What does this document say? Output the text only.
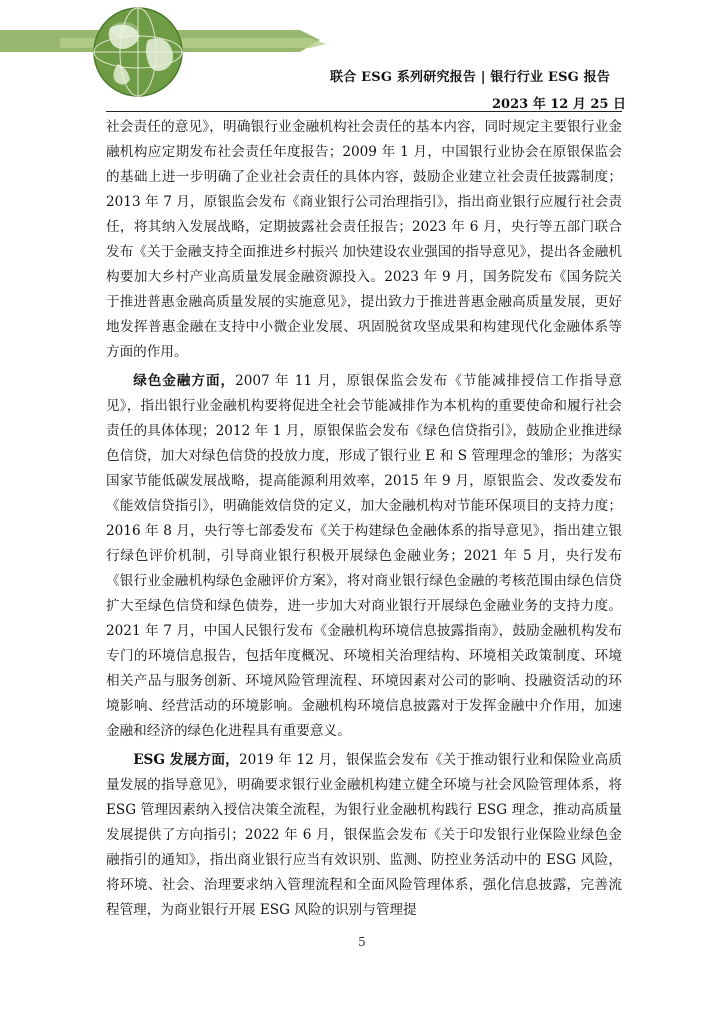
联合 ESG 系列研究报告 | 银行行业 ESG 报告
2023 年 12 月 25 日

社会责任的意见》，明确银行业金融机构社会责任的基本内容，同时规定主要银行业金融机构应定期发布社会责任年度报告；2009 年 1 月，中国银行业协会在原银保监会的基础上进一步明确了企业社会责任的具体内容，鼓励企业建立社会责任披露制度；2013 年 7 月，原银监会发布《商业银行公司治理指引》，指出商业银行应履行社会责任，将其纳入发展战略，定期披露社会责任报告；2023 年 6 月，央行等五部门联合发布《关于金融支持全面推进乡村振兴 加快建设农业强国的指导意见》，提出各金融机构要加大乡村产业高质量发展金融资源投入。2023 年 9 月，国务院发布《国务院关于推进普惠金融高质量发展的实施意见》，提出致力于推进普惠金融高质量发展，更好地发挥普惠金融在支持中小微企业发展、巩固脱贫攻坚成果和构建现代化金融体系等方面的作用。

绿色金融方面，2007 年 11 月，原银保监会发布《节能减排授信工作指导意见》，指出银行业金融机构要将促进全社会节能减排作为本机构的重要使命和履行社会责任的具体体现；2012 年 1 月，原银保监会发布《绿色信贷指引》，鼓励企业推进绿色信贷，加大对绿色信贷的投放力度，形成了银行业 E 和 S 管理理念的雏形；为落实国家节能低碳发展战略，提高能源利用效率，2015 年 9 月，原银监会、发改委发布《能效信贷指引》，明确能效信贷的定义，加大金融机构对节能环保项目的支持力度；2016 年 8 月，央行等七部委发布《关于构建绿色金融体系的指导意见》，指出建立银行绿色评价机制，引导商业银行积极开展绿色金融业务；2021 年 5 月，央行发布《银行业金融机构绿色金融评价方案》，将对商业银行绿色金融的考核范围由绿色信贷扩大至绿色信贷和绿色债券，进一步加大对商业银行开展绿色金融业务的支持力度。2021 年 7 月，中国人民银行发布《金融机构环境信息披露指南》，鼓励金融机构发布专门的环境信息报告，包括年度概况、环境相关治理结构、环境相关政策制度、环境相关产品与服务创新、环境风险管理流程、环境因素对公司的影响、投融资活动的环境影响、经营活动的环境影响。金融机构环境信息披露对于发挥金融中介作用，加速金融和经济的绿色化进程具有重要意义。

ESG 发展方面，2019 年 12 月，银保监会发布《关于推动银行业和保险业高质量发展的指导意见》，明确要求银行业金融机构建立健全环境与社会风险管理体系，将 ESG 管理因素纳入授信决策全流程，为银行业金融机构践行 ESG 理念，推动高质量发展提供了方向指引；2022 年 6 月，银保监会发布《关于印发银行业保险业绿色金融指引的通知》，指出商业银行应当有效识别、监测、防控业务活动中的 ESG 风险，将环境、社会、治理要求纳入管理流程和全面风险管理体系，强化信息披露，完善流程管理，为商业银行开展 ESG 风险的识别与管理提

5
